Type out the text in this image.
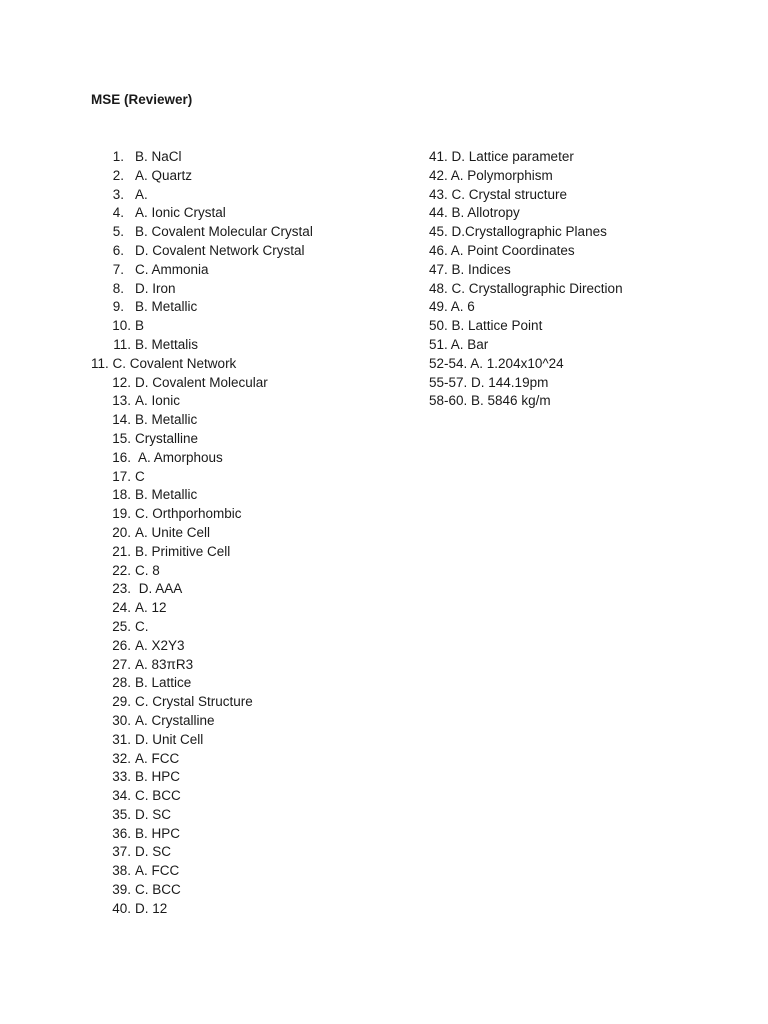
MSE (Reviewer)
1. B. NaCl
2. A. Quartz
3. A.
4. A. Ionic Crystal
5. B. Covalent Molecular Crystal
6. D. Covalent Network Crystal
7. C. Ammonia
8. D. Iron
9. B. Metallic
10. B
11. B. Mettalis
11. C. Covalent Network
12. D. Covalent Molecular
13. A. Ionic
14. B. Metallic
15. Crystalline
16. A. Amorphous
17. C
18. B. Metallic
19. C. Orthporhombic
20. A. Unite Cell
21. B. Primitive Cell
22. C. 8
23. D. AAA
24. A. 12
25. C.
26. A. X2Y3
27. A. 83πR3
28. B. Lattice
29. C. Crystal Structure
30. A. Crystalline
31. D. Unit Cell
32. A. FCC
33. B. HPC
34. C. BCC
35. D. SC
36. B. HPC
37. D. SC
38. A. FCC
39. C. BCC
40. D. 12
41. D. Lattice parameter
42. A. Polymorphism
43. C. Crystal structure
44. B. Allotropy
45. D.Crystallographic Planes
46. A. Point Coordinates
47. B. Indices
48. C. Crystallographic Direction
49. A. 6
50. B. Lattice Point
51. A. Bar
52-54. A. 1.204x10^24
55-57. D. 144.19pm
58-60. B. 5846 kg/m
